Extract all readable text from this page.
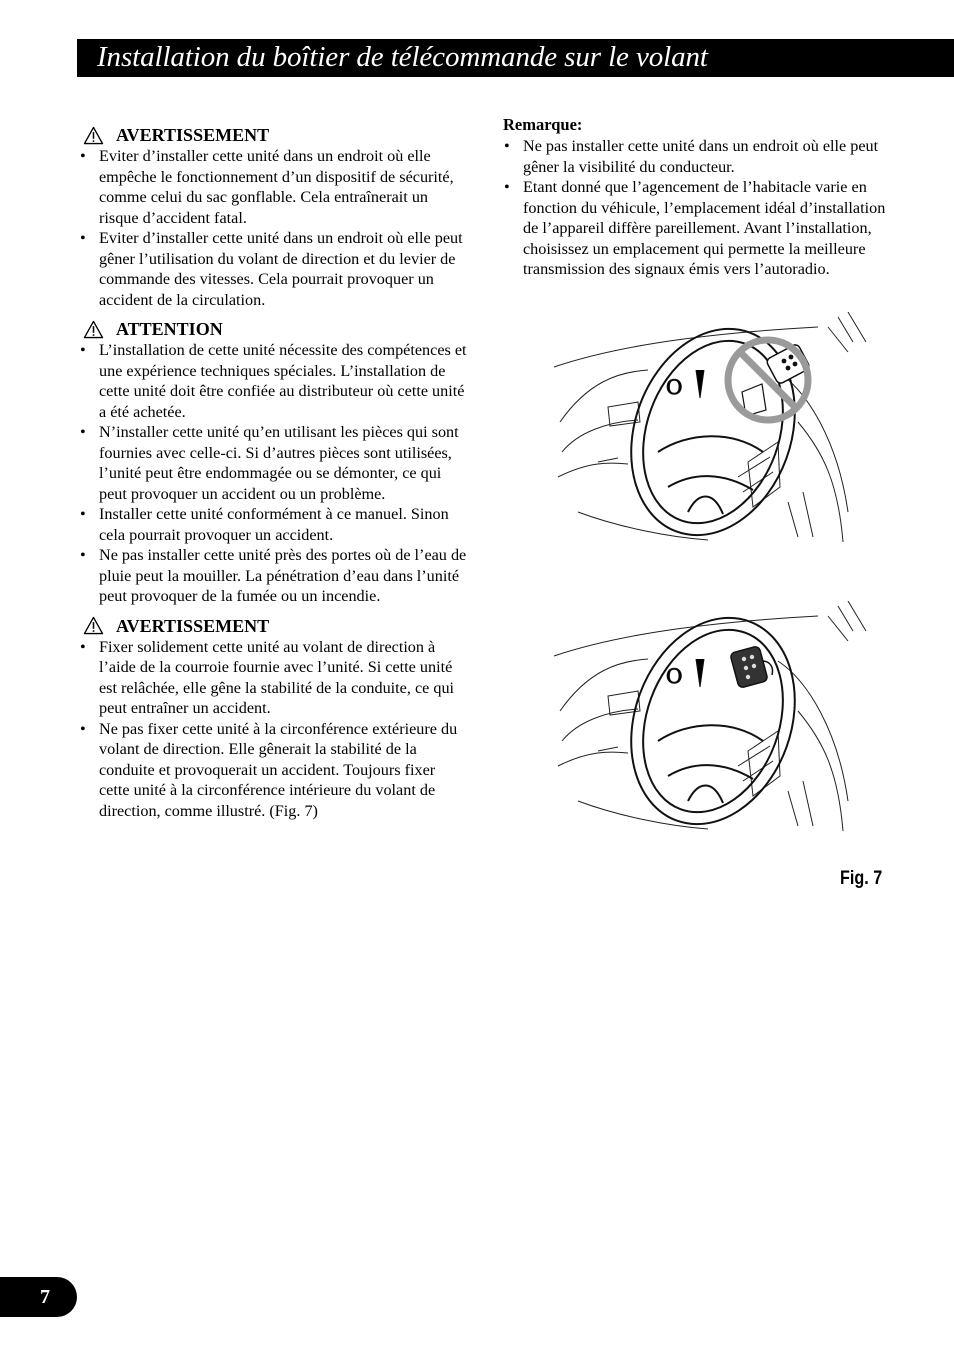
Installation du boîtier de télécommande sur le volant
AVERTISSEMENT
• Eviter d’installer cette unité dans un endroit où elle empêche le fonctionnement d’un dispositif de sécurité, comme celui du sac gonflable. Cela entraînerait un risque d’accident fatal.
• Eviter d’installer cette unité dans un endroit où elle peut gêner l’utilisation du volant de direction et du levier de commande des vitesses. Cela pourrait provoquer un accident de la circulation.
ATTENTION
• L’installation de cette unité nécessite des compétences et une expérience techniques spéciales. L’installation de cette unité doit être confiée au distributeur où cette unité a été achetée.
• N’installer cette unité qu’en utilisant les pièces qui sont fournies avec celle-ci. Si d’autres pièces sont utilisées, l’unité peut être endommagée ou se démonter, ce qui peut provoquer un accident ou un problème.
• Installer cette unité conformément à ce manuel. Sinon cela pourrait provoquer un accident.
• Ne pas installer cette unité près des portes où de l’eau de pluie peut la mouiller. La pénétration d’eau dans l’unité peut provoquer de la fumée ou un incendie.
AVERTISSEMENT
• Fixer solidement cette unité au volant de direction à l’aide de la courroie fournie avec l’unité. Si cette unité est relâchée, elle gêne la stabilité de la conduite, ce qui peut entraîner un accident.
• Ne pas fixer cette unité à la circonférence extérieure du volant de direction. Elle gênerait la stabilité de la conduite et provoquerait un accident. Toujours fixer cette unité à la circonférence intérieure du volant de direction, comme illustré. (Fig. 7)
Remarque:
• Ne pas installer cette unité dans un endroit où elle peut gêner la visibilité du conducteur.
• Etant donné que l’agencement de l’habitacle varie en fonction du véhicule, l’emplacement idéal d’installation de l’appareil diffère pareillement. Avant l’installation, choisissez un emplacement qui permette la meilleure transmission des signaux émis vers l’autoradio.
O

O
Fig. 7
7
